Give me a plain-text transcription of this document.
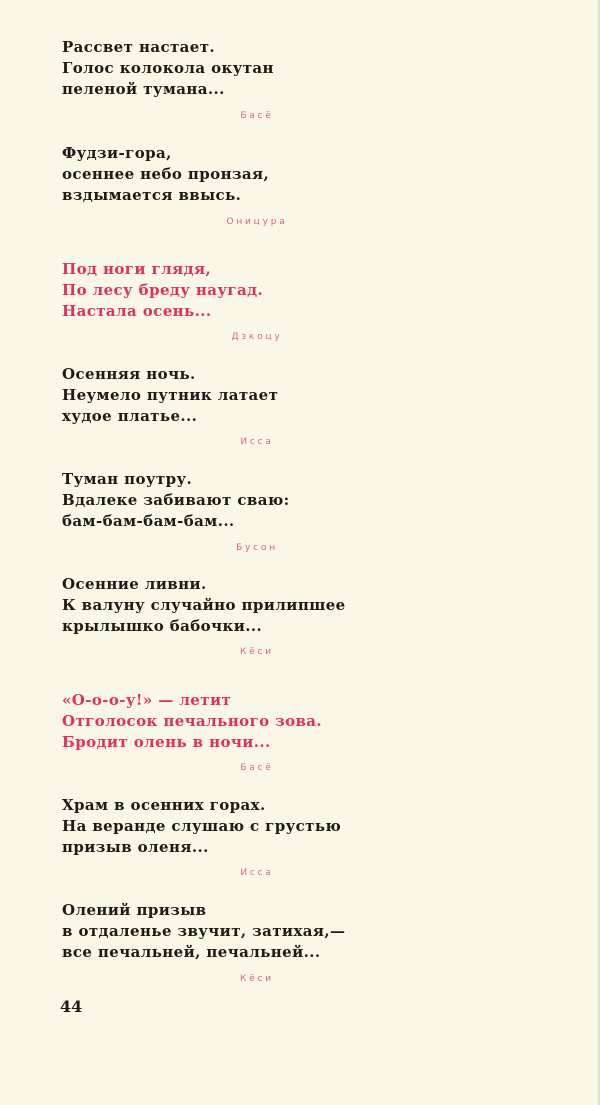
Рассвет настает.
Голос колокола окутан
пеленой тумана...
Басё
Фудзи-гора,
осеннее небо пронзая,
вздымается ввысь.
Оницура
Под ноги глядя,
По лесу бреду наугад.
Настала осень...
Дзкоцу
Осенняя ночь.
Неумело путник латает
худое платье...
Исса
Туман поутру.
Вдалеке забивают сваю:
бам-бам-бам-бам...
Бусон
Осенние ливни.
К валуну случайно прилипшее
крылышко бабочки...
Кёси
«О-о-о-у!» — летит
Отголосок печального зова.
Бродит олень в ночи...
Басё
Храм в осенних горах.
На веранде слушаю с грустью
призыв оленя...
Исса
Олений призыв
в отдаленье звучит, затихая,—
все печальней, печальней...
Кёси
44
